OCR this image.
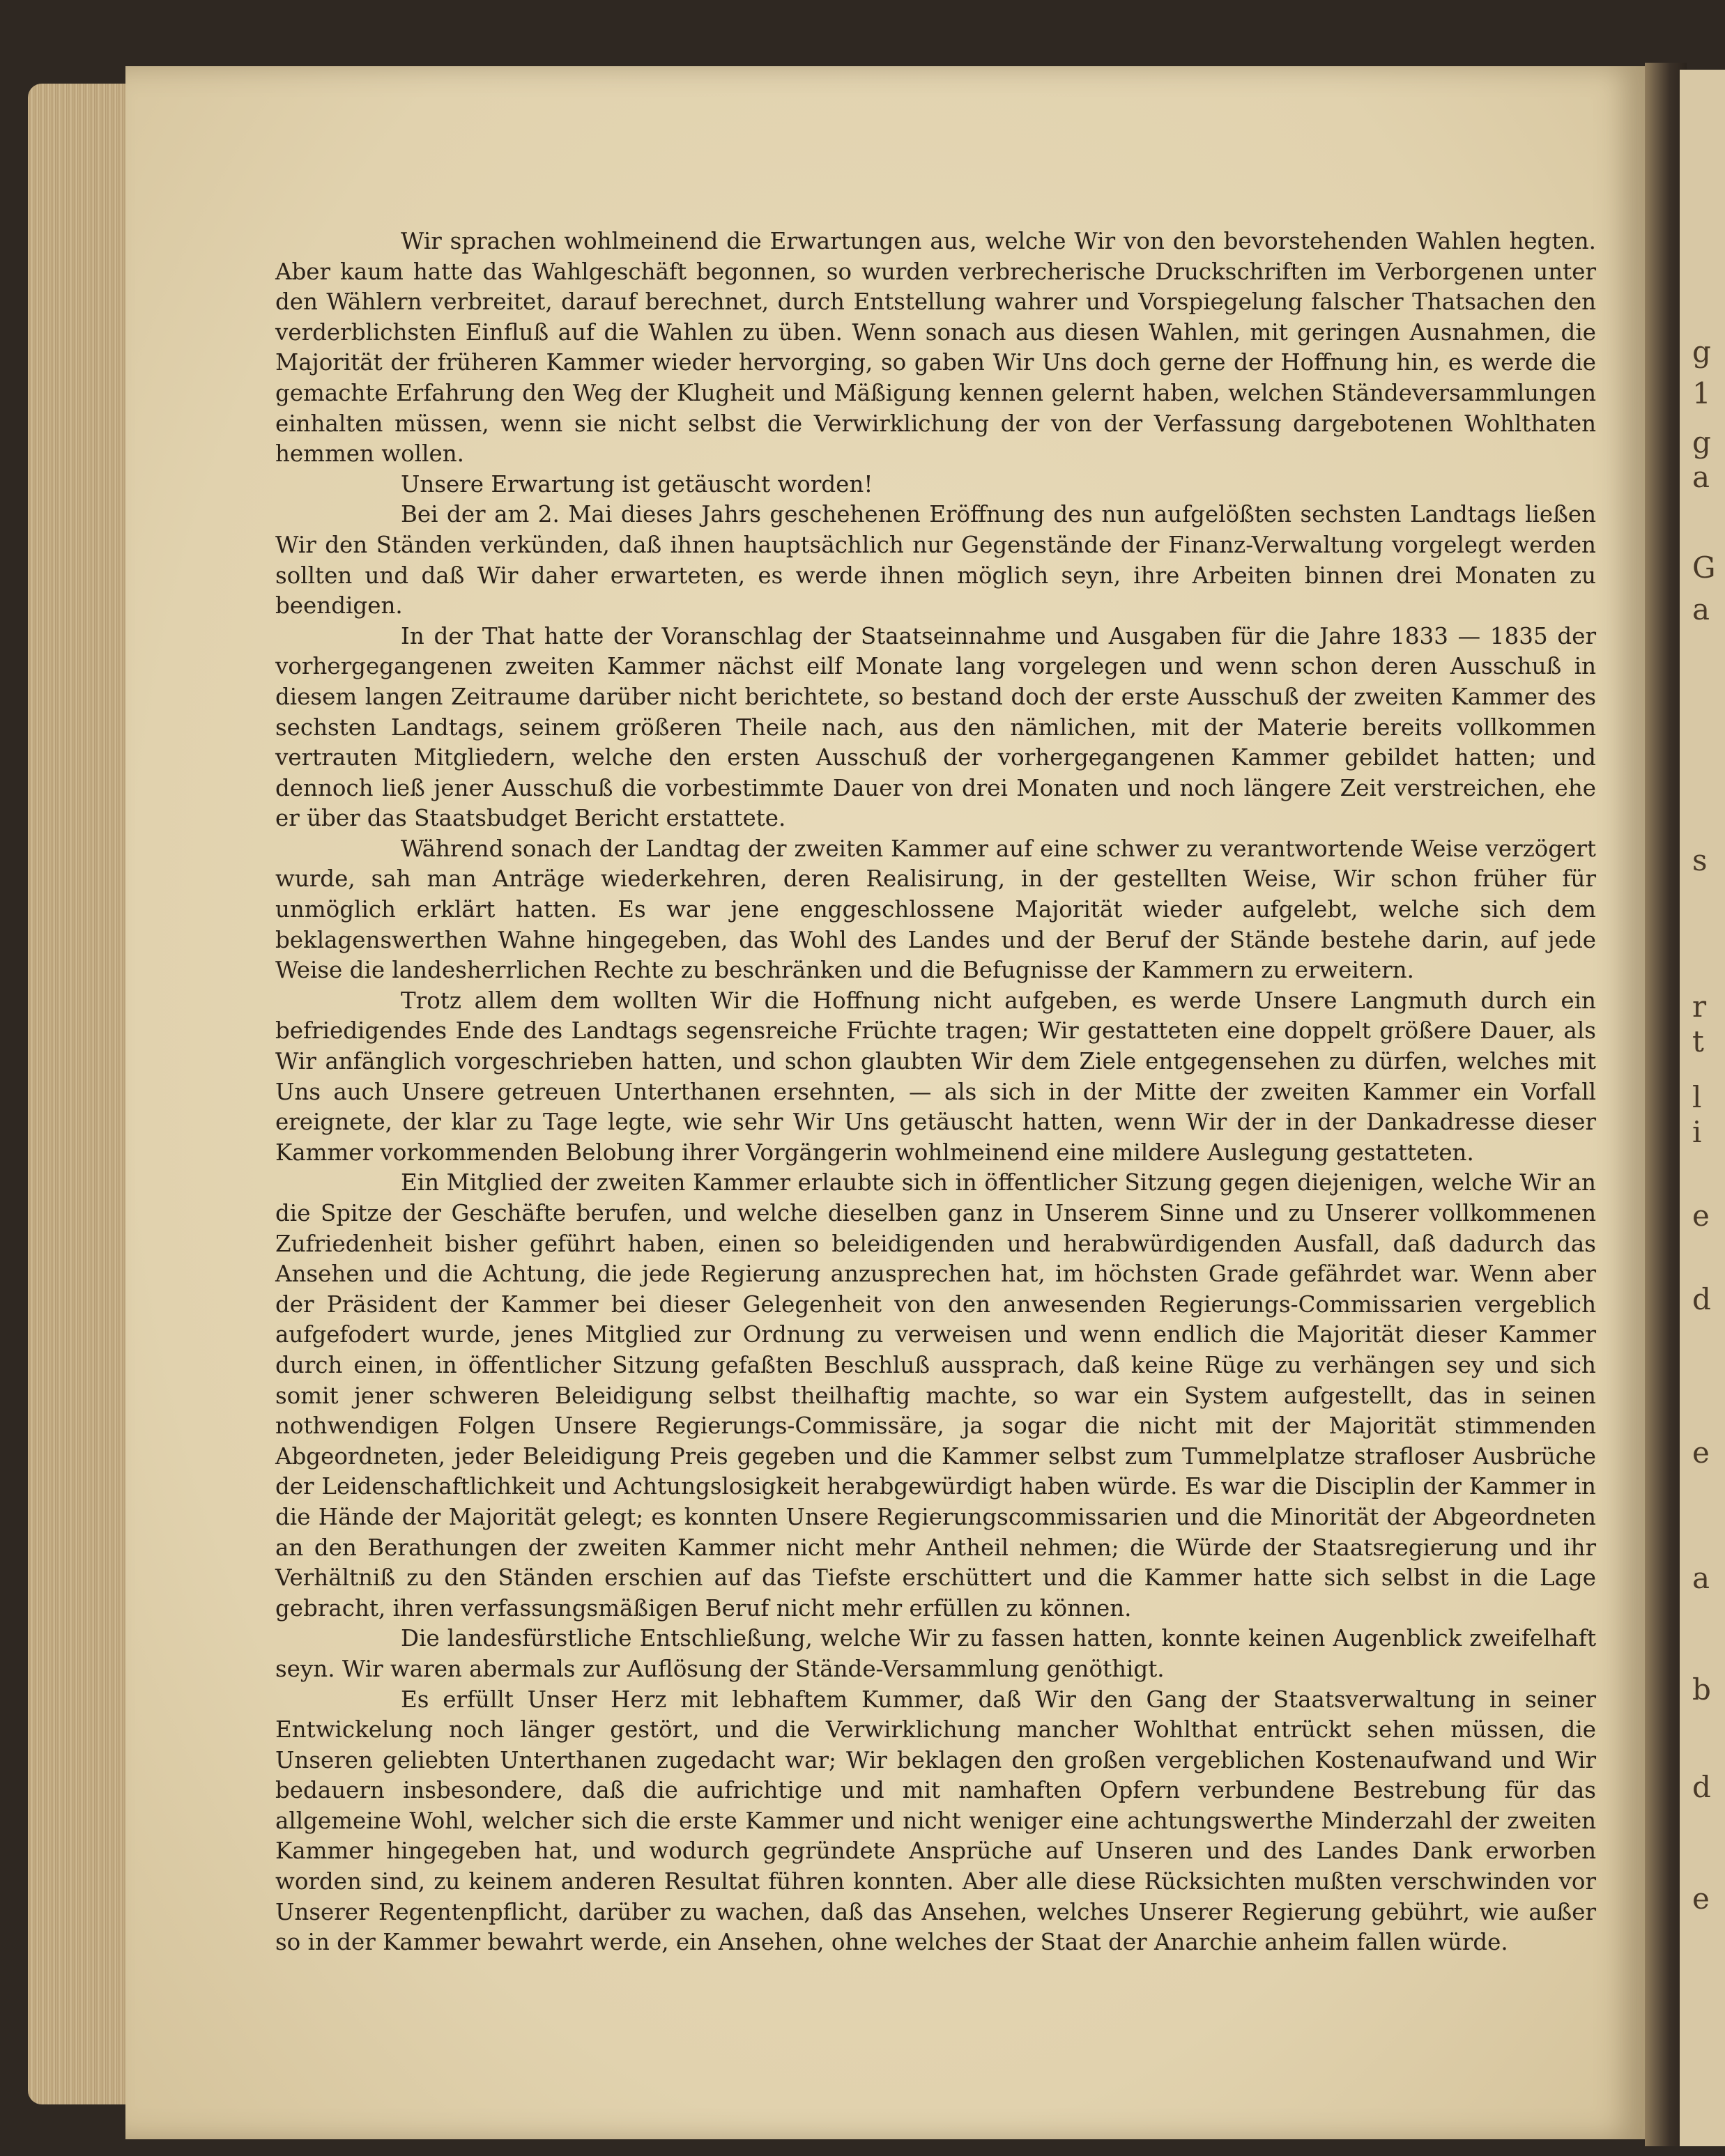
g
1
g
a
G
a
s
r
t
l
i
e
d
e
a
b
d
e

Wir sprachen wohlmeinend die Erwartungen aus, welche Wir von den bevorstehenden Wahlen hegten. Aber kaum hatte das Wahlgeschäft begonnen, so wurden verbrecherische Druckschriften im Verborgenen unter den Wählern verbreitet, darauf berechnet, durch Entstellung wahrer und Vorspiegelung falscher Thatsachen den verderblichsten Einfluß auf die Wahlen zu üben. Wenn sonach aus diesen Wahlen, mit geringen Ausnahmen, die Majorität der früheren Kammer wieder hervorging, so gaben Wir Uns doch gerne der Hoffnung hin, es werde die gemachte Erfahrung den Weg der Klugheit und Mäßigung kennen gelernt haben, welchen Ständeversammlungen einhalten müssen, wenn sie nicht selbst die Verwirklichung der von der Verfassung dargebotenen Wohlthaten hemmen wollen.

Unsere Erwartung ist getäuscht worden!

Bei der am 2. Mai dieses Jahrs geschehenen Eröffnung des nun aufgelößten sechsten Landtags ließen Wir den Ständen verkünden, daß ihnen hauptsächlich nur Gegenstände der Finanz-Verwaltung vorgelegt werden sollten und daß Wir daher erwarteten, es werde ihnen möglich seyn, ihre Arbeiten binnen drei Monaten zu beendigen.

In der That hatte der Voranschlag der Staatseinnahme und Ausgaben für die Jahre 1833 — 1835 der vorhergegangenen zweiten Kammer nächst eilf Monate lang vorgelegen und wenn schon deren Ausschuß in diesem langen Zeitraume darüber nicht berichtete, so bestand doch der erste Ausschuß der zweiten Kammer des sechsten Landtags, seinem größeren Theile nach, aus den nämlichen, mit der Materie bereits vollkommen vertrauten Mitgliedern, welche den ersten Ausschuß der vorhergegangenen Kammer gebildet hatten; und dennoch ließ jener Ausschuß die vorbestimmte Dauer von drei Monaten und noch längere Zeit verstreichen, ehe er über das Staatsbudget Bericht erstattete.

Während sonach der Landtag der zweiten Kammer auf eine schwer zu verantwortende Weise verzögert wurde, sah man Anträge wiederkehren, deren Realisirung, in der gestellten Weise, Wir schon früher für unmöglich erklärt hatten. Es war jene enggeschlossene Majorität wieder aufgelebt, welche sich dem beklagenswerthen Wahne hingegeben, das Wohl des Landes und der Beruf der Stände bestehe darin, auf jede Weise die landesherrlichen Rechte zu beschränken und die Befugnisse der Kammern zu erweitern.

Trotz allem dem wollten Wir die Hoffnung nicht aufgeben, es werde Unsere Langmuth durch ein befriedigendes Ende des Landtags segensreiche Früchte tragen; Wir gestatteten eine doppelt größere Dauer, als Wir anfänglich vorgeschrieben hatten, und schon glaubten Wir dem Ziele entgegensehen zu dürfen, welches mit Uns auch Unsere getreuen Unterthanen ersehnten, — als sich in der Mitte der zweiten Kammer ein Vorfall ereignete, der klar zu Tage legte, wie sehr Wir Uns getäuscht hatten, wenn Wir der in der Dankadresse dieser Kammer vorkommenden Belobung ihrer Vorgängerin wohlmeinend eine mildere Auslegung gestatteten.

Ein Mitglied der zweiten Kammer erlaubte sich in öffentlicher Sitzung gegen diejenigen, welche Wir an die Spitze der Geschäfte berufen, und welche dieselben ganz in Unserem Sinne und zu Unserer vollkommenen Zufriedenheit bisher geführt haben, einen so beleidigenden und herabwürdigenden Ausfall, daß dadurch das Ansehen und die Achtung, die jede Regierung anzusprechen hat, im höchsten Grade gefährdet war. Wenn aber der Präsident der Kammer bei dieser Gelegenheit von den anwesenden Regierungs-Commissarien vergeblich aufgefodert wurde, jenes Mitglied zur Ordnung zu verweisen und wenn endlich die Majorität dieser Kammer durch einen, in öffentlicher Sitzung gefaßten Beschluß aussprach, daß keine Rüge zu verhängen sey und sich somit jener schweren Beleidigung selbst theilhaftig machte, so war ein System aufgestellt, das in seinen nothwendigen Folgen Unsere Regierungs-Commissäre, ja sogar die nicht mit der Majorität stimmenden Abgeordneten, jeder Beleidigung Preis gegeben und die Kammer selbst zum Tummelplatze strafloser Ausbrüche der Leidenschaftlichkeit und Achtungslosigkeit herabgewürdigt haben würde. Es war die Disciplin der Kammer in die Hände der Majorität gelegt; es konnten Unsere Regierungscommissarien und die Minorität der Abgeordneten an den Berathungen der zweiten Kammer nicht mehr Antheil nehmen; die Würde der Staatsregierung und ihr Verhältniß zu den Ständen erschien auf das Tiefste erschüttert und die Kammer hatte sich selbst in die Lage gebracht, ihren verfassungsmäßigen Beruf nicht mehr erfüllen zu können.

Die landesfürstliche Entschließung, welche Wir zu fassen hatten, konnte keinen Augenblick zweifelhaft seyn. Wir waren abermals zur Auflösung der Stände-Versammlung genöthigt.

Es erfüllt Unser Herz mit lebhaftem Kummer, daß Wir den Gang der Staatsverwaltung in seiner Entwickelung noch länger gestört, und die Verwirklichung mancher Wohlthat entrückt sehen müssen, die Unseren geliebten Unterthanen zugedacht war; Wir beklagen den großen vergeblichen Kostenaufwand und Wir bedauern insbesondere, daß die aufrichtige und mit namhaften Opfern verbundene Bestrebung für das allgemeine Wohl, welcher sich die erste Kammer und nicht weniger eine achtungswerthe Minderzahl der zweiten Kammer hingegeben hat, und wodurch gegründete Ansprüche auf Unseren und des Landes Dank erworben worden sind, zu keinem anderen Resultat führen konnten. Aber alle diese Rücksichten mußten verschwinden vor Unserer Regentenpflicht, darüber zu wachen, daß das Ansehen, welches Unserer Regierung gebührt, wie außer so in der Kammer bewahrt werde, ein Ansehen, ohne welches der Staat der Anarchie anheim fallen würde.
